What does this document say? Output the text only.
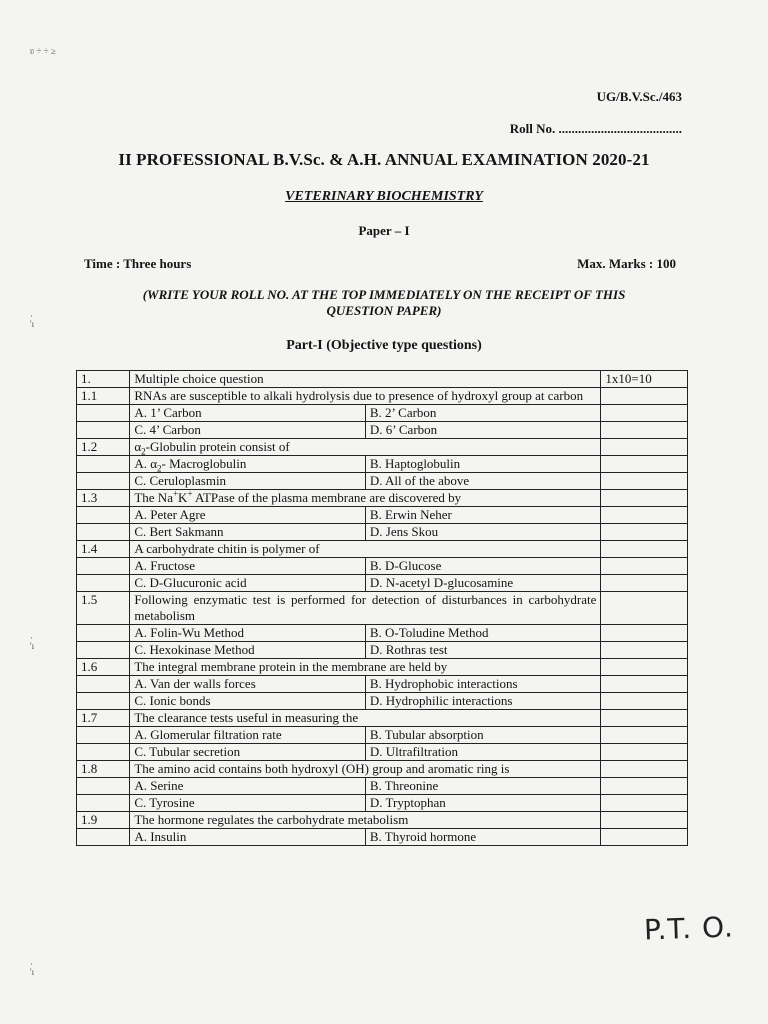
ʋ ÷ ÷ ≥
UG/B.V.Sc./463
Roll No. ......................................
II PROFESSIONAL B.V.Sc. & A.H. ANNUAL EXAMINATION 2020-21
VETERINARY BIOCHEMISTRY
Paper – I
Time : Three hours	Max. Marks : 100
(WRITE YOUR ROLL NO. AT THE TOP IMMEDIATELY ON THE RECEIPT OF THIS
QUESTION PAPER)
Part-I (Objective type questions)
·
'ı
·
'ı
·
'ı
1.	Multiple choice question		1x10=10
1.1	RNAs are susceptible to alkali hydrolysis due to presence of hydroxyl group at carbon		
	A. 1’ Carbon	B. 2’ Carbon	
	C. 4’ Carbon	D. 6’ Carbon	
1.2	$\alpha_2$-Globulin protein consist of		
	A. $\alpha_2-$ Macroglobulin	B. Haptoglobulin	
	C. Ceruloplasmin	D. All of the above	
1.3	The Na+K+ ATPase of the plasma membrane are discovered by		
	A. Peter Agre	B. Erwin Neher	
	C. Bert Sakmann	D. Jens Skou	
1.4	A carbohydrate chitin is polymer of		
	A. Fructose	B. D-Glucose	
	C. D-Glucuronic acid	D. N-acetyl D-glucosamine	
1.5	Following enzymatic test is performed for detection of disturbances in carbohydrate metabolism		
	A. Folin-Wu Method	B. O-Toludine Method	
	C. Hexokinase Method	D. Rothras test	
1.6	The integral membrane protein in the membrane are held by		
	A. Van der walls forces	B. Hydrophobic interactions	
	C. Ionic bonds	D. Hydrophilic interactions	
1.7	The clearance tests useful in measuring the		
	A. Glomerular filtration rate	B. Tubular absorption	
	C. Tubular secretion	D. Ultrafiltration	
1.8	The amino acid contains both hydroxyl (OH) group and aromatic ring is		
	A. Serine	B. Threonine	
	C. Tyrosine	D. Tryptophan	
1.9	The hormone regulates the carbohydrate metabolism		
	A. Insulin	B. Thyroid hormone	
P.T. O.
